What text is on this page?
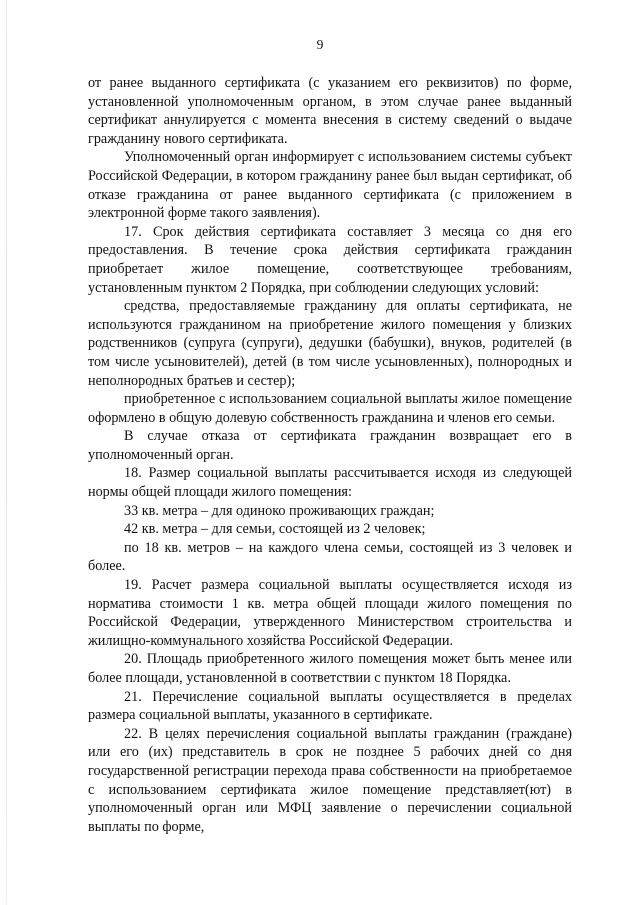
9

от ранее выданного сертификата (с указанием его реквизитов) по форме, установленной уполномоченным органом, в этом случае ранее выданный сертификат аннулируется с момента внесения в систему сведений о выдаче гражданину нового сертификата.

Уполномоченный орган информирует с использованием системы субъект Российской Федерации, в котором гражданину ранее был выдан сертификат, об отказе гражданина от ранее выданного сертификата (с приложением в электронной форме такого заявления).

17. Срок действия сертификата составляет 3 месяца со дня его предоставления. В течение срока действия сертификата гражданин приобретает жилое помещение, соответствующее требованиям, установленным пунктом 2 Порядка, при соблюдении следующих условий:

средства, предоставляемые гражданину для оплаты сертификата, не используются гражданином на приобретение жилого помещения у близких родственников (супруга (супруги), дедушки (бабушки), внуков, родителей (в том числе усыновителей), детей (в том числе усыновленных), полнородных и неполнородных братьев и сестер);

приобретенное с использованием социальной выплаты жилое помещение оформлено в общую долевую собственность гражданина и членов его семьи.

В случае отказа от сертификата гражданин возвращает его в уполномоченный орган.

18. Размер социальной выплаты рассчитывается исходя из следующей нормы общей площади жилого помещения:

33 кв. метра – для одиноко проживающих граждан;

42 кв. метра – для семьи, состоящей из 2 человек;

по 18 кв. метров – на каждого члена семьи, состоящей из 3 человек и более.

19. Расчет размера социальной выплаты осуществляется исходя из норматива стоимости 1 кв. метра общей площади жилого помещения по Российской Федерации, утвержденного Министерством строительства и жилищно-коммунального хозяйства Российской Федерации.

20. Площадь приобретенного жилого помещения может быть менее или более площади, установленной в соответствии с пунктом 18 Порядка.

21. Перечисление социальной выплаты осуществляется в пределах размера социальной выплаты, указанного в сертификате.

22. В целях перечисления социальной выплаты гражданин (граждане) или его (их) представитель в срок не позднее 5 рабочих дней со дня государственной регистрации перехода права собственности на приобретаемое с использованием сертификата жилое помещение представляет(ют) в уполномоченный орган или МФЦ заявление о перечислении социальной выплаты по форме,
